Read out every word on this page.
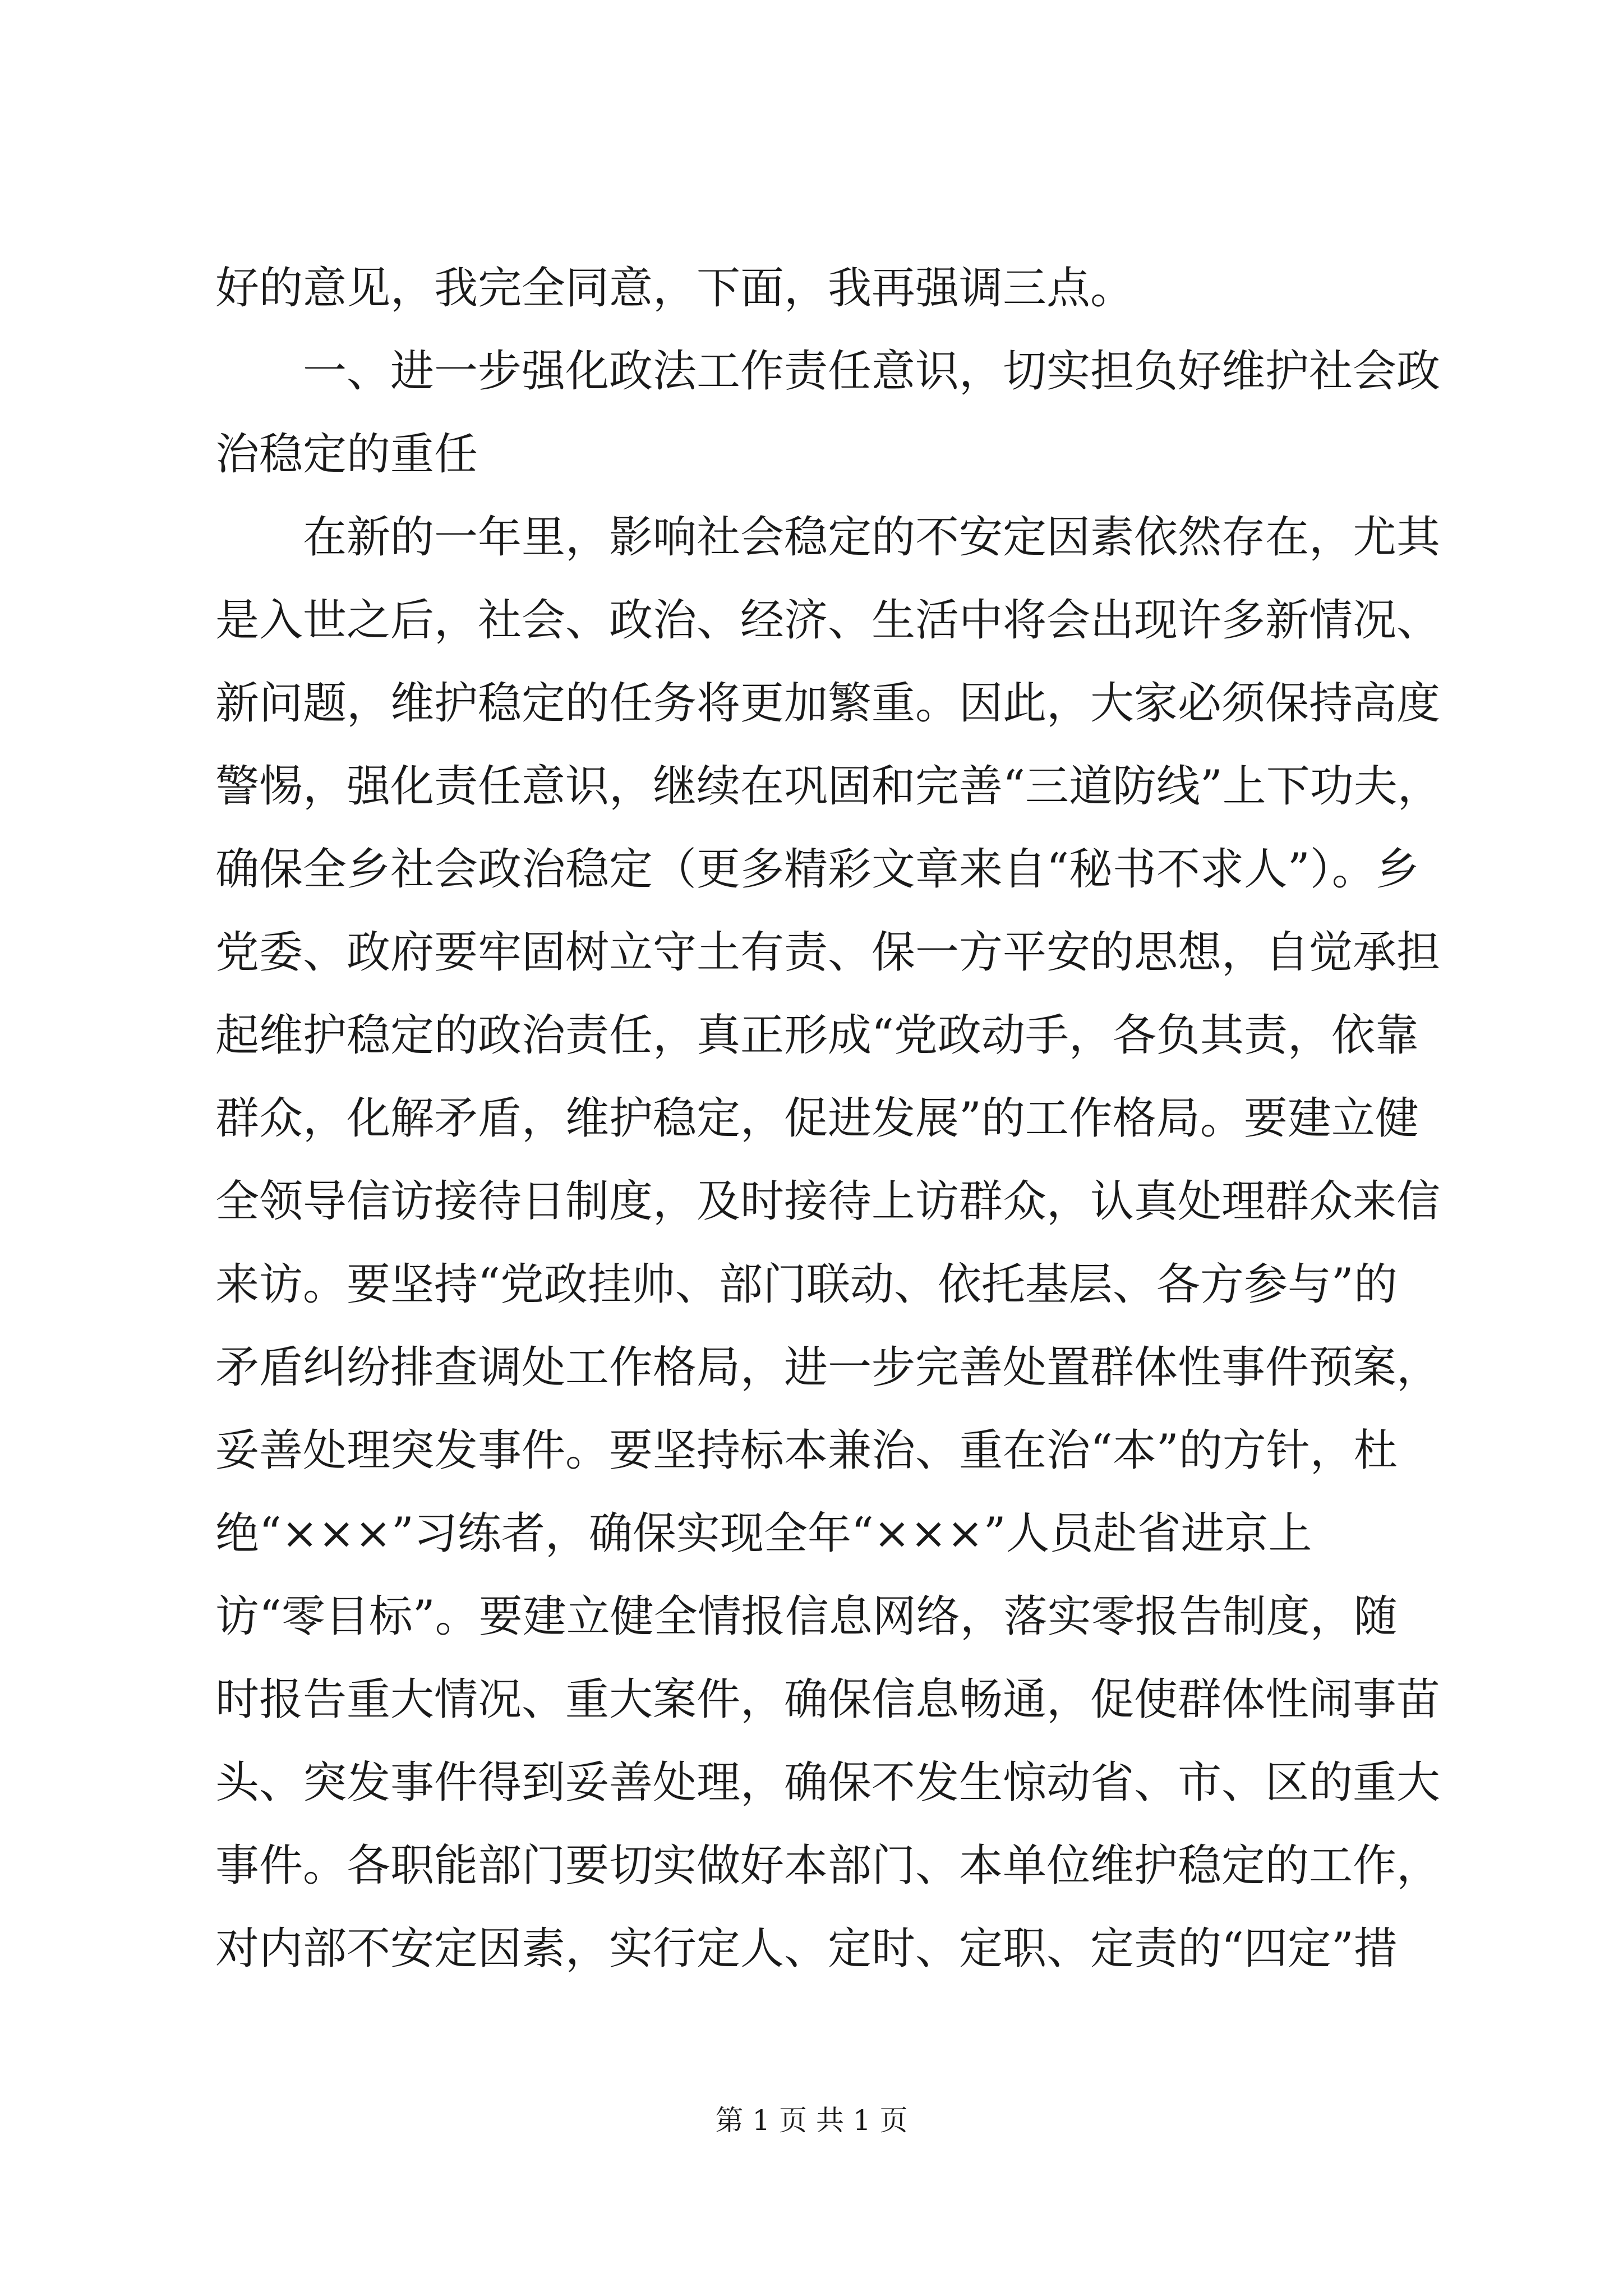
好的意见，我完全同意，下面，我再强调三点。
　　一、进一步强化政法工作责任意识，切实担负好维护社会政
治稳定的重任
　　在新的一年里，影响社会稳定的不安定因素依然存在，尤其
是入世之后，社会、政治、经济、生活中将会出现许多新情况、
新问题，维护稳定的任务将更加繁重。因此，大家必须保持高度
警惕，强化责任意识，继续在巩固和完善“三道防线”上下功夫，
确保全乡社会政治稳定（更多精彩文章来自“秘书不求人”）。乡
党委、政府要牢固树立守土有责、保一方平安的思想，自觉承担
起维护稳定的政治责任，真正形成“党政动手，各负其责，依靠
群众，化解矛盾，维护稳定，促进发展”的工作格局。要建立健
全领导信访接待日制度，及时接待上访群众，认真处理群众来信
来访。要坚持“党政挂帅、部门联动、依托基层、各方参与”的
矛盾纠纷排查调处工作格局，进一步完善处置群体性事件预案，
妥善处理突发事件。要坚持标本兼治、重在治“本”的方针，杜
绝“×××”习练者，确保实现全年“×××”人员赴省进京上
访“零目标”。要建立健全情报信息网络，落实零报告制度，随
时报告重大情况、重大案件，确保信息畅通，促使群体性闹事苗
头、突发事件得到妥善处理，确保不发生惊动省、市、区的重大
事件。各职能部门要切实做好本部门、本单位维护稳定的工作，
对内部不安定因素，实行定人、定时、定职、定责的“四定”措
第 1 页 共 1 页
